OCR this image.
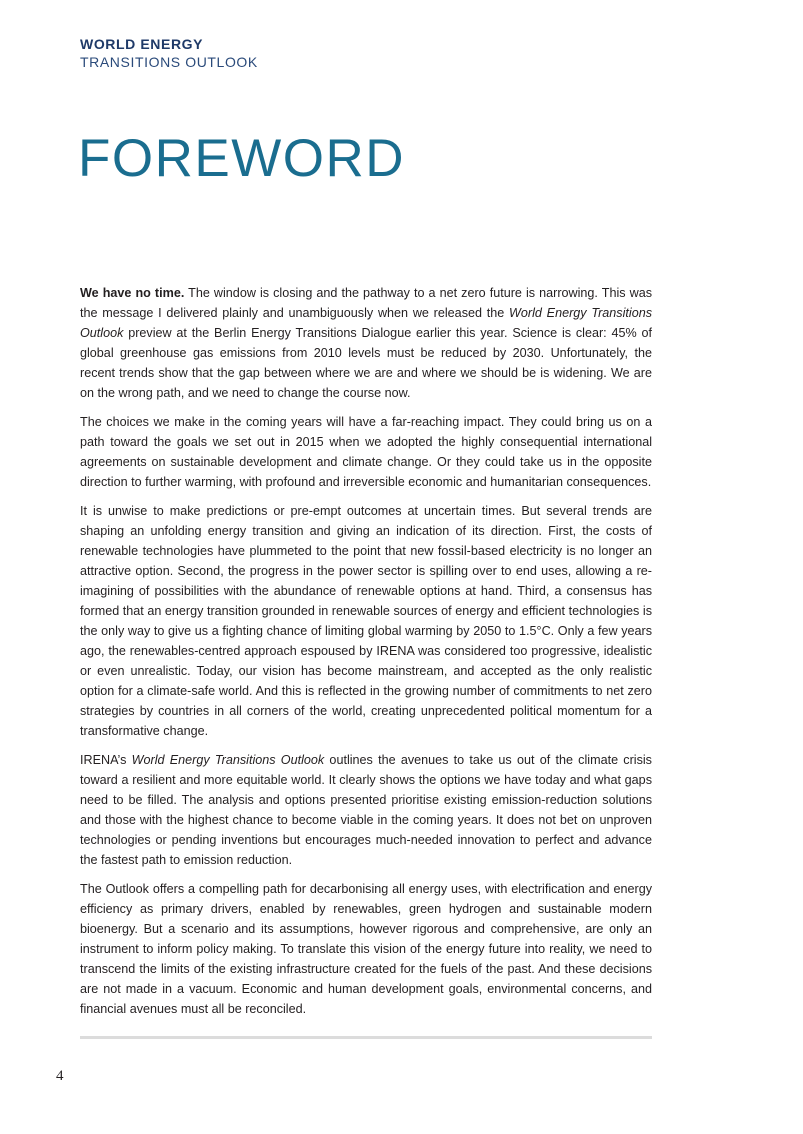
WORLD ENERGY
TRANSITIONS OUTLOOK
FOREWORD

We have no time. The window is closing and the pathway to a net zero future is narrowing. This was the message I delivered plainly and unambiguously when we released the World Energy Transitions Outlook preview at the Berlin Energy Transitions Dialogue earlier this year. Science is clear: 45% of global greenhouse gas emissions from 2010 levels must be reduced by 2030. Unfortunately, the recent trends show that the gap between where we are and where we should be is widening. We are on the wrong path, and we need to change the course now.

The choices we make in the coming years will have a far-reaching impact. They could bring us on a path toward the goals we set out in 2015 when we adopted the highly consequential international agreements on sustainable development and climate change. Or they could take us in the opposite direction to further warming, with profound and irreversible economic and humanitarian consequences.

It is unwise to make predictions or pre-empt outcomes at uncertain times. But several trends are shaping an unfolding energy transition and giving an indication of its direction. First, the costs of renewable technologies have plummeted to the point that new fossil-based electricity is no longer an attractive option. Second, the progress in the power sector is spilling over to end uses, allowing a re-imagining of possibilities with the abundance of renewable options at hand. Third, a consensus has formed that an energy transition grounded in renewable sources of energy and efficient technologies is the only way to give us a fighting chance of limiting global warming by 2050 to 1.5°C. Only a few years ago, the renewables-centred approach espoused by IRENA was considered too progressive, idealistic or even unrealistic. Today, our vision has become mainstream, and accepted as the only realistic option for a climate-safe world. And this is reflected in the growing number of commitments to net zero strategies by countries in all corners of the world, creating unprecedented political momentum for a transformative change.

IRENA’s World Energy Transitions Outlook outlines the avenues to take us out of the climate crisis toward a resilient and more equitable world. It clearly shows the options we have today and what gaps need to be filled. The analysis and options presented prioritise existing emission-reduction solutions and those with the highest chance to become viable in the coming years. It does not bet on unproven technologies or pending inventions but encourages much-needed innovation to perfect and advance the fastest path to emission reduction.

The Outlook offers a compelling path for decarbonising all energy uses, with electrification and energy efficiency as primary drivers, enabled by renewables, green hydrogen and sustainable modern bioenergy. But a scenario and its assumptions, however rigorous and comprehensive, are only an instrument to inform policy making. To translate this vision of the energy future into reality, we need to transcend the limits of the existing infrastructure created for the fuels of the past. And these decisions are not made in a vacuum. Economic and human development goals, environmental concerns, and financial avenues must all be reconciled.

4
